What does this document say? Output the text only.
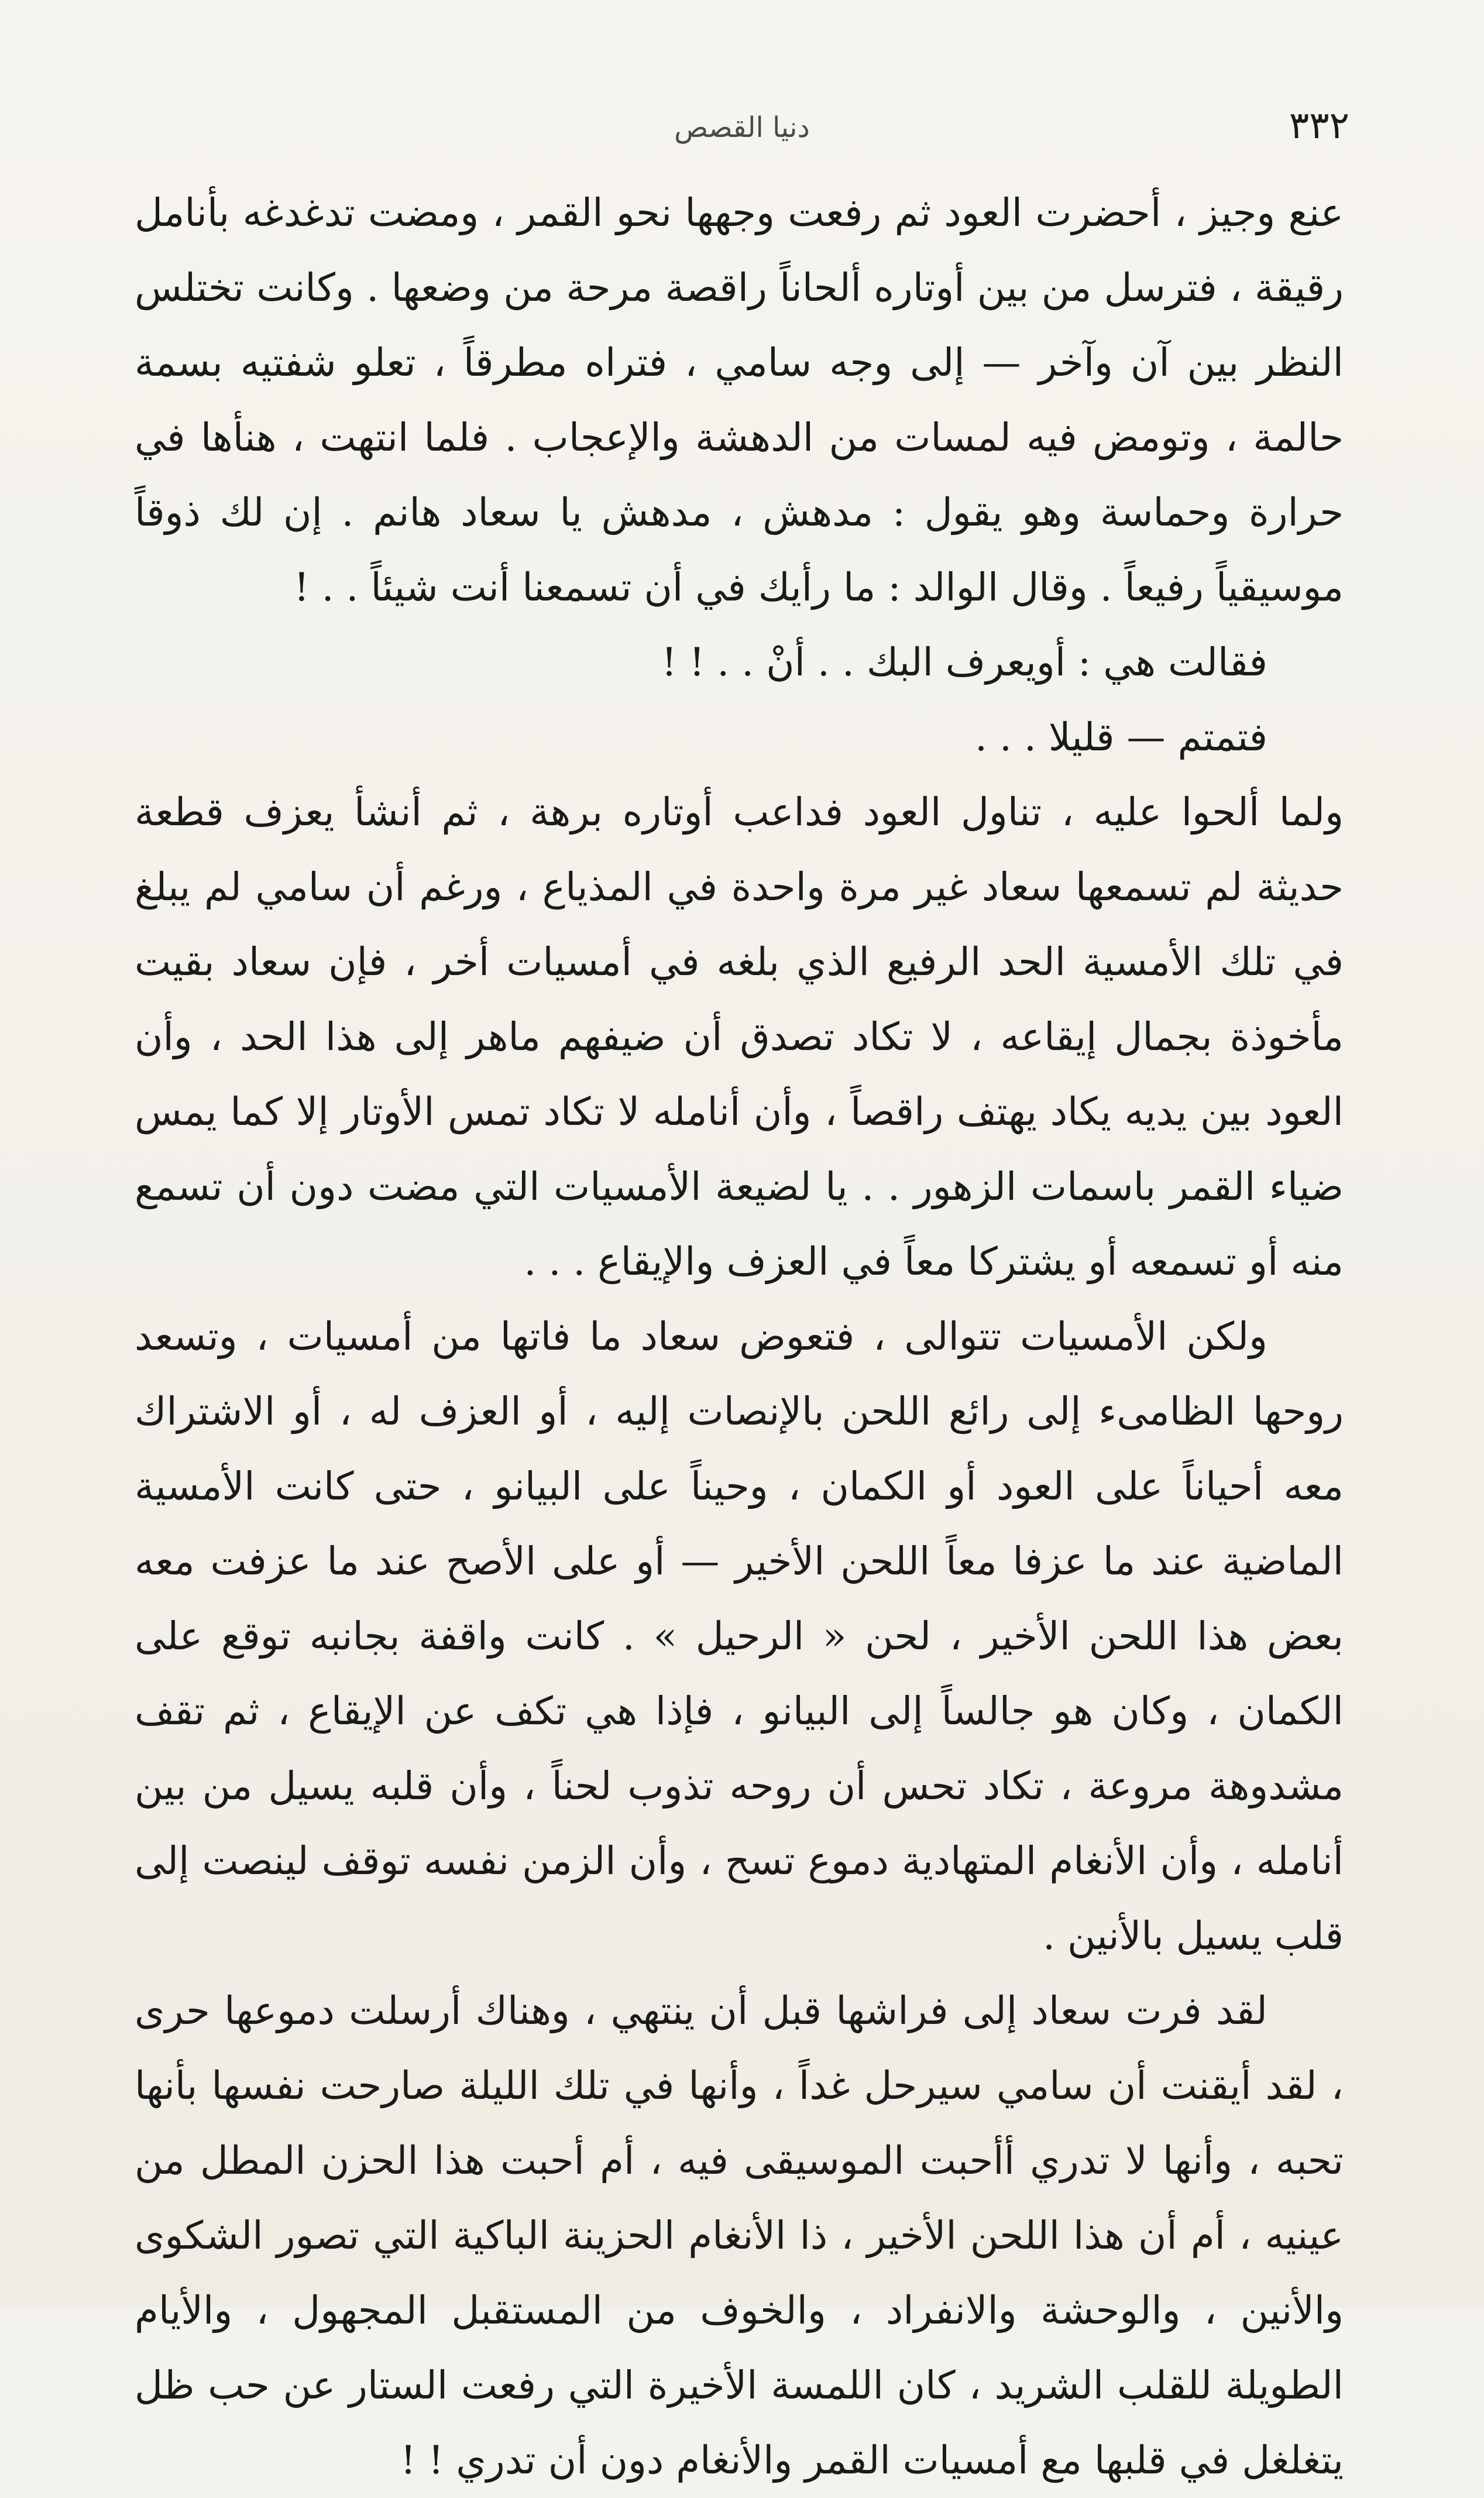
دنيا القصص	٣٣٢

عنع وجيز ، أحضرت العود ثم رفعت وجهها نحو القمر ، ومضت تدغدغه بأنامل رقيقة ، فترسل من بين أوتاره ألحاناً راقصة مرحة من وضعها . وكانت تختلس النظر بين آن وآخر — إلى وجه سامي ، فتراه مطرقاً ، تعلو شفتيه بسمة حالمة ، وتومض فيه لمسات من الدهشة والإعجاب . فلما انتهت ، هنأها في حرارة وحماسة وهو يقول : مدهش ، مدهش يا سعاد هانم . إن لك ذوقاً موسيقياً رفيعاً . وقال الوالد : ما رأيك في أن تسمعنا أنت شيئاً . . !

فقالت هي : أويعرف البك . . أنْ . . ! !

فتمتم — قليلا . . .

ولما ألحوا عليه ، تناول العود فداعب أوتاره برهة ، ثم أنشأ يعزف قطعة حديثة لم تسمعها سعاد غير مرة واحدة في المذياع ، ورغم أن سامي لم يبلغ في تلك الأمسية الحد الرفيع الذي بلغه في أمسيات أخر ، فإن سعاد بقيت مأخوذة بجمال إيقاعه ، لا تكاد تصدق أن ضيفهم ماهر إلى هذا الحد ، وأن العود بين يديه يكاد يهتف راقصاً ، وأن أنامله لا تكاد تمس الأوتار إلا كما يمس ضياء القمر باسمات الزهور . . يا لضيعة الأمسيات التي مضت دون أن تسمع منه أو تسمعه أو يشتركا معاً في العزف والإيقاع . . .

ولكن الأمسيات تتوالى ، فتعوض سعاد ما فاتها من أمسيات ، وتسعد روحها الظامىء إلى رائع اللحن بالإنصات إليه ، أو العزف له ، أو الاشتراك معه أحياناً على العود أو الكمان ، وحيناً على البيانو ، حتى كانت الأمسية الماضية عند ما عزفا معاً اللحن الأخير — أو على الأصح عند ما عزفت معه بعض هذا اللحن الأخير ، لحن « الرحيل » . كانت واقفة بجانبه توقع على الكمان ، وكان هو جالساً إلى البيانو ، فإذا هي تكف عن الإيقاع ، ثم تقف مشدوهة مروعة ، تكاد تحس أن روحه تذوب لحناً ، وأن قلبه يسيل من بين أنامله ، وأن الأنغام المتهادية دموع تسح ، وأن الزمن نفسه توقف لينصت إلى قلب يسيل بالأنين .

لقد فرت سعاد إلى فراشها قبل أن ينتهي ، وهناك أرسلت دموعها حرى ، لقد أيقنت أن سامي سيرحل غداً ، وأنها في تلك الليلة صارحت نفسها بأنها تحبه ، وأنها لا تدري أأحبت الموسيقى فيه ، أم أحبت هذا الحزن المطل من عينيه ، أم أن هذا اللحن الأخير ، ذا الأنغام الحزينة الباكية التي تصور الشكوى والأنين ، والوحشة والانفراد ، والخوف من المستقبل المجهول ، والأيام الطويلة للقلب الشريد ، كان اللمسة الأخيرة التي رفعت الستار عن حب ظل يتغلغل في قلبها مع أمسيات القمر والأنغام دون أن تدري ! !
